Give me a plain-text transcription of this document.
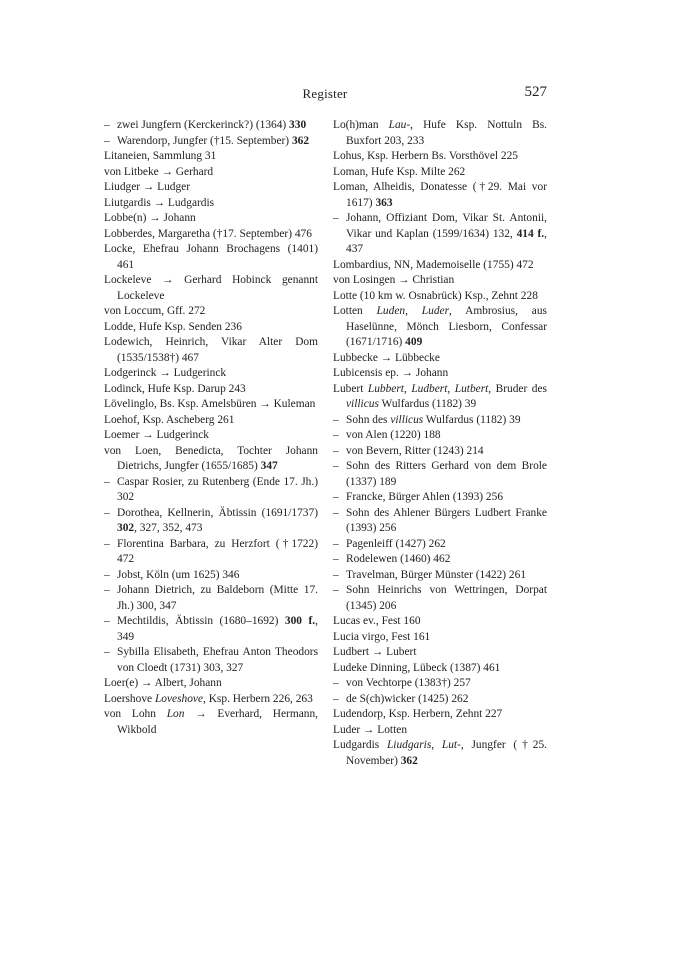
Register	527
– zwei Jungfern (Kerckerinck?) (1364) 330
– Warendorp, Jungfer (†15. September) 362
Litaneien, Sammlung 31
von Litbeke → Gerhard
Liudger → Ludger
Liutgardis → Ludgardis
Lobbe(n) → Johann
Lobberdes, Margaretha (†17. September) 476
Locke, Ehefrau Johann Brochagens (1401) 461
Lockeleve → Gerhard Hobinck genannt Lockeleve
von Loccum, Gff. 272
Lodde, Hufe Ksp. Senden 236
Lodewich, Heinrich, Vikar Alter Dom (1535/1538†) 467
Lodgerinck → Ludgerinck
Lodinck, Hufe Ksp. Darup 243
Lövelinglo, Bs. Ksp. Amelsbüren → Kuleman
Loehof, Ksp. Ascheberg 261
Loemer → Ludgerinck
von Loen, Benedicta, Tochter Johann Dietrichs, Jungfer (1655/1685) 347
– Caspar Rosier, zu Rutenberg (Ende 17. Jh.) 302
– Dorothea, Kellnerin, Äbtissin (1691/1737) 302, 327, 352, 473
– Florentina Barbara, zu Herzfort (†1722) 472
– Jobst, Köln (um 1625) 346
– Johann Dietrich, zu Baldeborn (Mitte 17. Jh.) 300, 347
– Mechtildis, Äbtissin (1680–1692) 300 f., 349
– Sybilla Elisabeth, Ehefrau Anton Theodors von Cloedt (1731) 303, 327
Loer(e) → Albert, Johann
Loershove Loveshove, Ksp. Herbern 226, 263
von Lohn Lon → Everhard, Hermann, Wikbold
Lo(h)man Lau-, Hufe Ksp. Nottuln Bs. Buxfort 203, 233
Lohus, Ksp. Herbern Bs. Vorsthövel 225
Loman, Hufe Ksp. Milte 262
Loman, Alheidis, Donatesse (†29. Mai vor 1617) 363
– Johann, Offiziant Dom, Vikar St. Antonii, Vikar und Kaplan (1599/1634) 132, 414 f., 437
Lombardius, NN, Mademoiselle (1755) 472
von Losingen → Christian
Lotte (10 km w. Osnabrück) Ksp., Zehnt 228
Lotten Luden, Luder, Ambrosius, aus Haselünne, Mönch Liesborn, Confessar (1671/1716) 409
Lubbecke → Lübbecke
Lubicensis ep. → Johann
Lubert Lubbert, Ludbert, Lutbert, Bruder des villicus Wulfardus (1182) 39
– Sohn des villicus Wulfardus (1182) 39
– von Alen (1220) 188
– von Bevern, Ritter (1243) 214
– Sohn des Ritters Gerhard von dem Brole (1337) 189
– Francke, Bürger Ahlen (1393) 256
– Sohn des Ahlener Bürgers Ludbert Franke (1393) 256
– Pagenleiff (1427) 262
– Rodelewen (1460) 462
– Travelman, Bürger Münster (1422) 261
– Sohn Heinrichs von Wettringen, Dorpat (1345) 206
Lucas ev., Fest 160
Lucia virgo, Fest 161
Ludbert → Lubert
Ludeke Dinning, Lübeck (1387) 461
– von Vechtorpe (1383†) 257
– de S(ch)wicker (1425) 262
Ludendorp, Ksp. Herbern, Zehnt 227
Luder → Lotten
Ludgardis Liudgaris, Lut-, Jungfer (†25. November) 362
